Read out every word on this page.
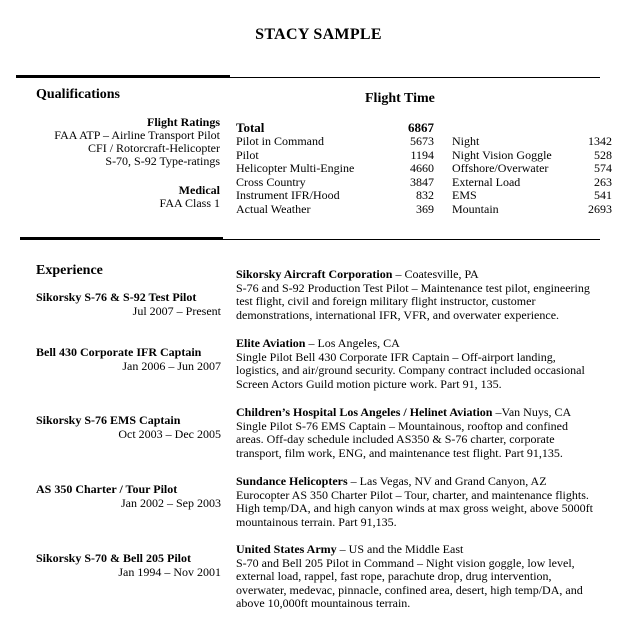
STACY SAMPLE
Qualifications
Flight Ratings
FAA ATP – Airline Transport Pilot
CFI / Rotorcraft-Helicopter
S-70, S-92 Type-ratings
Medical
FAA Class 1
Flight Time
Total	6867			
Pilot in Command	5673		Night	1342
Pilot	1194		Night Vision Goggle	528
Helicopter Multi-Engine	4660		Offshore/Overwater	574
Cross Country	3847		External Load	263
Instrument IFR/Hood	832		EMS	541
Actual Weather	369		Mountain	2693
Experience
Sikorsky S-76 & S-92 Test Pilot
Jul 2007 – Present
Sikorsky Aircraft Corporation – Coatesville, PA
S-76 and S-92 Production Test Pilot – Maintenance test pilot, engineering test flight, civil and foreign military flight instructor, customer demonstrations, international IFR, VFR, and overwater experience.
Bell 430 Corporate IFR Captain
Jan 2006 – Jun 2007
Elite Aviation – Los Angeles, CA
Single Pilot Bell 430 Corporate IFR Captain – Off-airport landing, logistics, and air/ground security. Company contract included occasional Screen Actors Guild motion picture work. Part 91, 135.
Sikorsky S-76 EMS Captain
Oct 2003 – Dec 2005
Children’s Hospital Los Angeles / Helinet Aviation –Van Nuys, CA
Single Pilot S-76 EMS Captain – Mountainous, rooftop and confined areas. Off-day schedule included AS350 & S-76 charter, corporate transport, film work, ENG, and maintenance test flight. Part 91,135.
AS 350 Charter / Tour Pilot
Jan 2002 – Sep 2003
Sundance Helicopters – Las Vegas, NV and Grand Canyon, AZ
Eurocopter AS 350 Charter Pilot – Tour, charter, and maintenance flights. High temp/DA, and high canyon winds at max gross weight, above 5000ft mountainous terrain. Part 91,135.
Sikorsky S-70 & Bell 205 Pilot
Jan 1994 – Nov 2001
United States Army – US and the Middle East
S-70 and Bell 205 Pilot in Command – Night vision goggle, low level, external load, rappel, fast rope, parachute drop, drug intervention, overwater, medevac, pinnacle, confined area, desert, high temp/DA, and above 10,000ft mountainous terrain.
